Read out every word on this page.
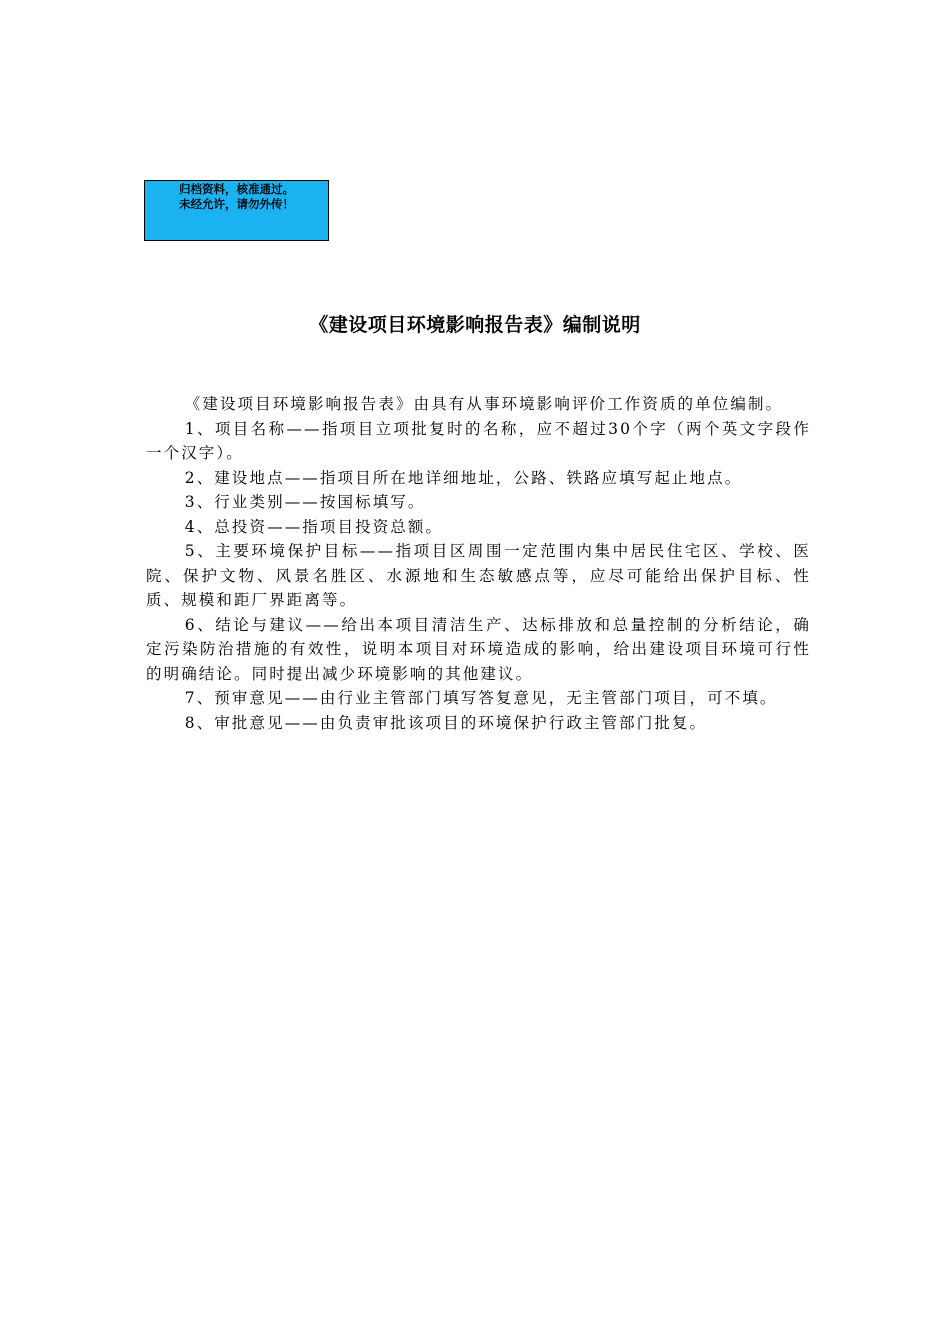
归档资料，核准通过。
未经允许，请勿外传！
《建设项目环境影响报告表》编制说明

《建设项目环境影响报告表》由具有从事环境影响评价工作资质的单位编制。

1、项目名称——指项目立项批复时的名称，应不超过30个字（两个英文字段作一个汉字）。

2、建设地点——指项目所在地详细地址，公路、铁路应填写起止地点。

3、行业类别——按国标填写。

4、总投资——指项目投资总额。

5、主要环境保护目标——指项目区周围一定范围内集中居民住宅区、学校、医院、保护文物、风景名胜区、水源地和生态敏感点等，应尽可能给出保护目标、性质、规模和距厂界距离等。

6、结论与建议——给出本项目清洁生产、达标排放和总量控制的分析结论，确定污染防治措施的有效性，说明本项目对环境造成的影响，给出建设项目环境可行性的明确结论。同时提出减少环境影响的其他建议。

7、预审意见——由行业主管部门填写答复意见，无主管部门项目，可不填。

8、审批意见——由负责审批该项目的环境保护行政主管部门批复。
